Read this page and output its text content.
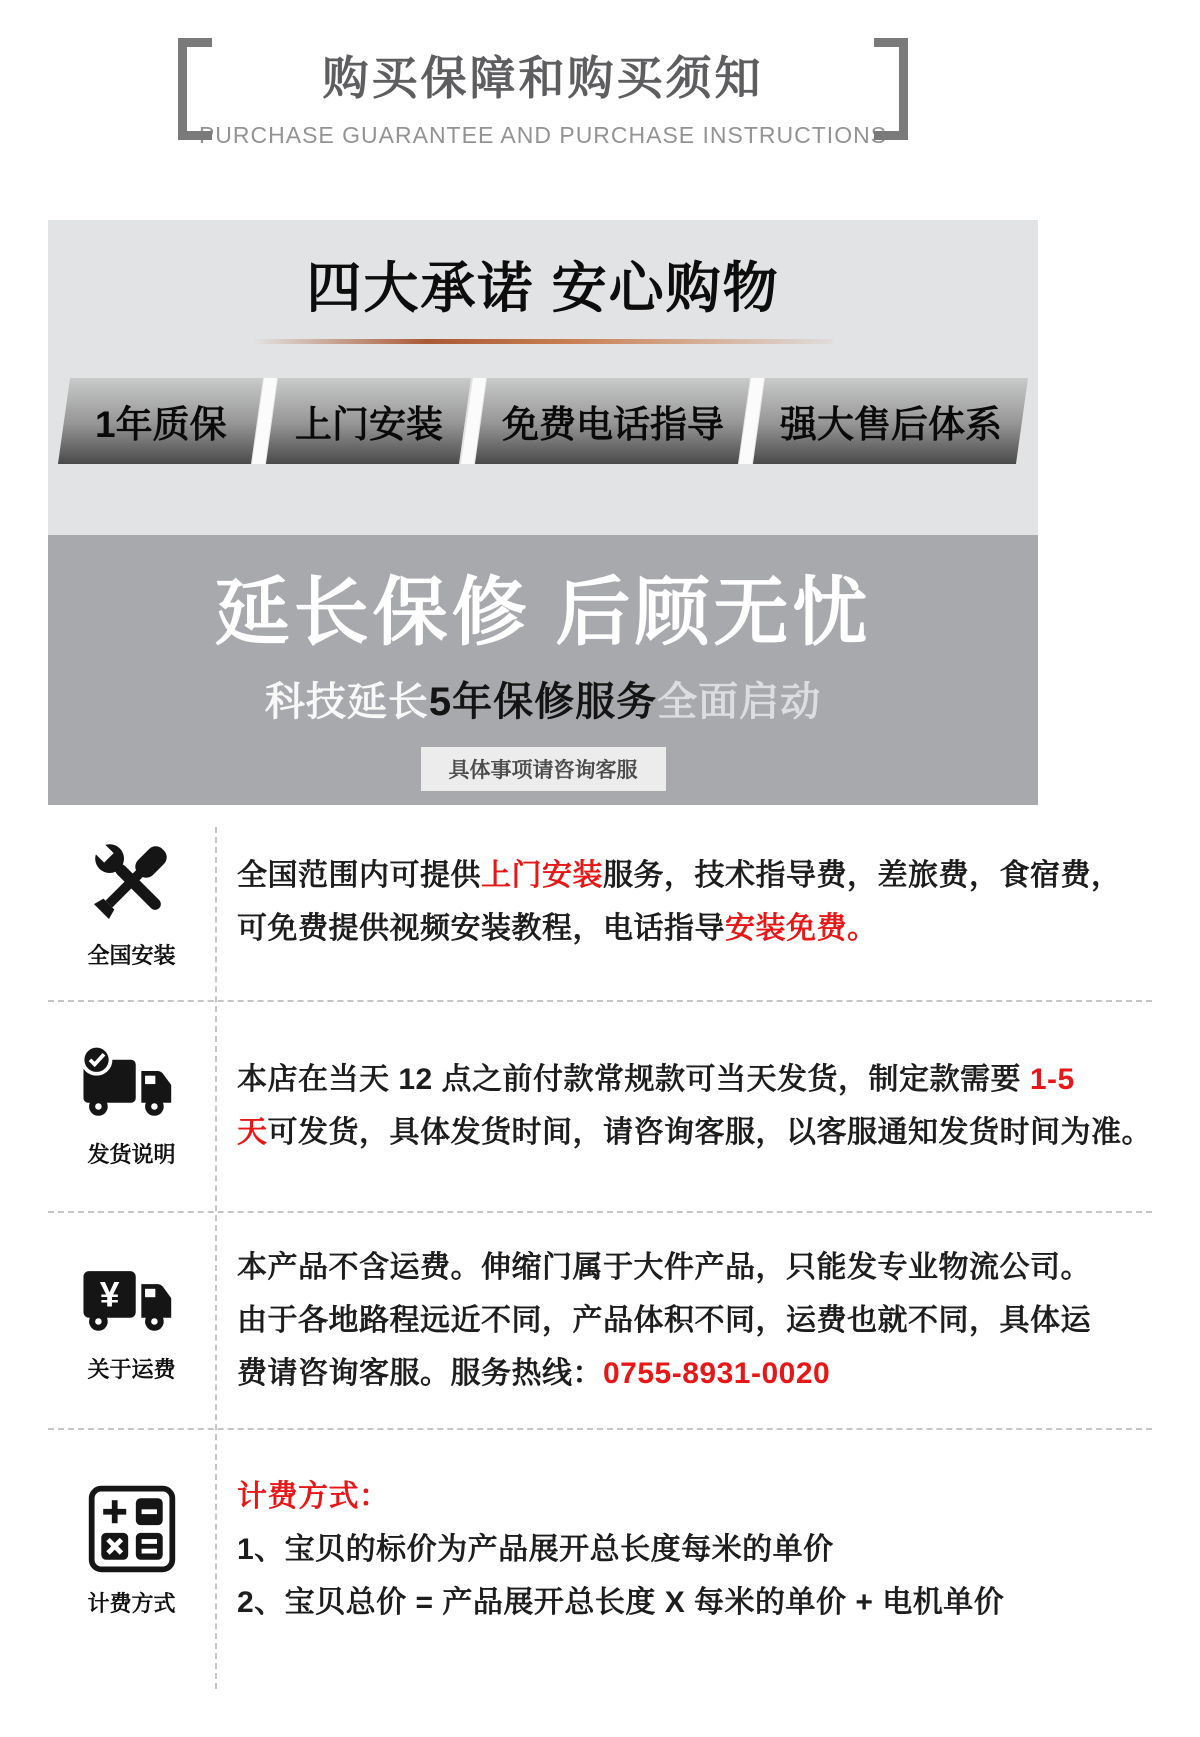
购买保障和购买须知
PURCHASE GUARANTEE AND PURCHASE INSTRUCTIONS
四大承诺 安心购物
1年质保 上门安装 免费电话指导 强大售后体系
延长保修 后顾无忧
科技延长5年保修服务全面启动
具体事项请咨询客服
全国安装
全国范围内可提供上门安装服务，技术指导费，差旅费，食宿费，
可免费提供视频安装教程，电话指导安装免费。
发货说明
本店在当天 12 点之前付款常规款可当天发货，制定款需要 1-5
天可发货，具体发货时间，请咨询客服，以客服通知发货时间为准。
¥
关于运费
本产品不含运费。伸缩门属于大件产品，只能发专业物流公司。
由于各地路程远近不同，产品体积不同，运费也就不同，具体运
费请咨询客服。服务热线：0755-8931-0020
计费方式
计费方式：
1、宝贝的标价为产品展开总长度每米的单价
2、宝贝总价 = 产品展开总长度 X 每米的单价 + 电机单价
